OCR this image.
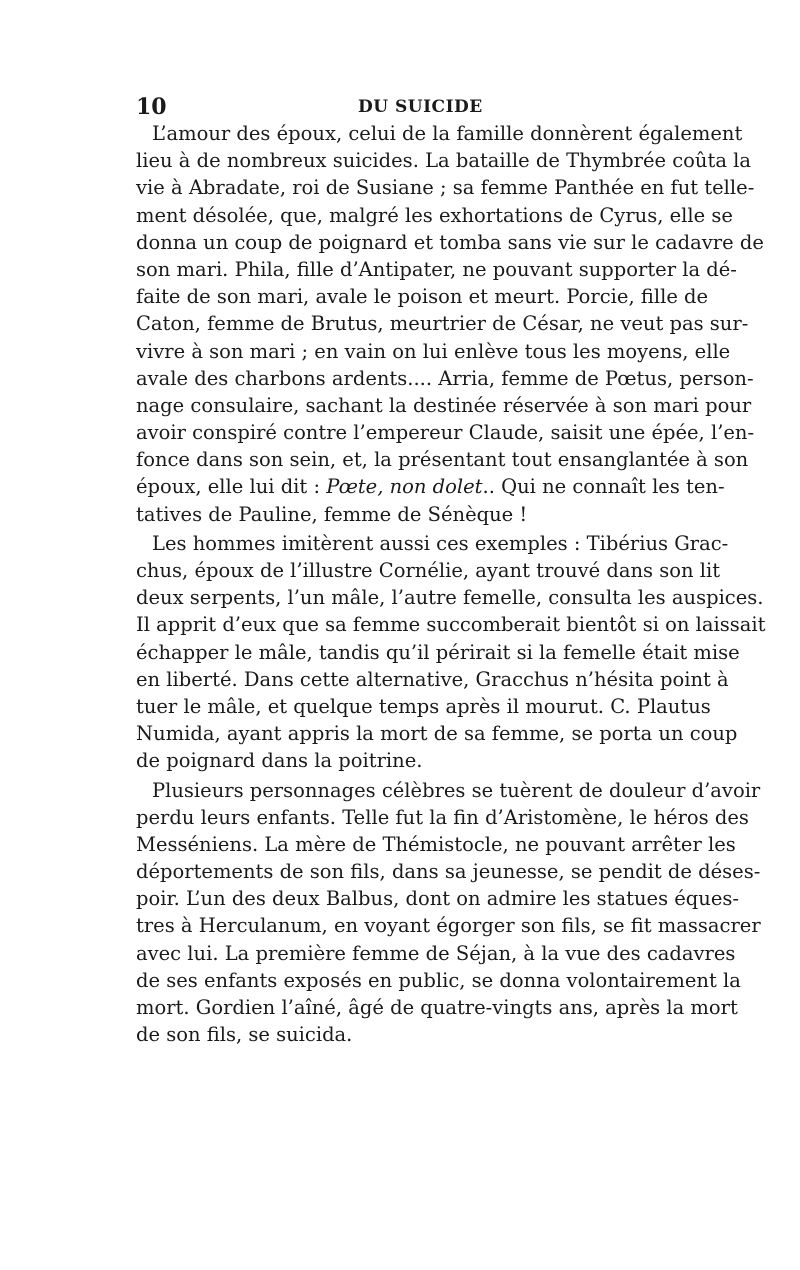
10	DU SUICIDE
L’amour des époux, celui de la famille donnèrent également
lieu à de nombreux suicides. La bataille de Thymbrée coûta la
vie à Abradate, roi de Susiane ; sa femme Panthée en fut telle-
ment désolée, que, malgré les exhortations de Cyrus, elle se
donna un coup de poignard et tomba sans vie sur le cadavre de
son mari. Phila, fille d’Antipater, ne pouvant supporter la dé-
faite de son mari, avale le poison et meurt. Porcie, fille de
Caton, femme de Brutus, meurtrier de César, ne veut pas sur-
vivre à son mari ; en vain on lui enlève tous les moyens, elle
avale des charbons ardents.... Arria, femme de Pœtus, person-
nage consulaire, sachant la destinée réservée à son mari pour
avoir conspiré contre l’empereur Claude, saisit une épée, l’en-
fonce dans son sein, et, la présentant tout ensanglantée à son
époux, elle lui dit : Pœte, non dolet.. Qui ne connaît les ten-
tatives de Pauline, femme de Sénèque !
Les hommes imitèrent aussi ces exemples : Tibérius Grac-
chus, époux de l’illustre Cornélie, ayant trouvé dans son lit
deux serpents, l’un mâle, l’autre femelle, consulta les auspices.
Il apprit d’eux que sa femme succomberait bientôt si on laissait
échapper le mâle, tandis qu’il périrait si la femelle était mise
en liberté. Dans cette alternative, Gracchus n’hésita point à
tuer le mâle, et quelque temps après il mourut. C. Plautus
Numida, ayant appris la mort de sa femme, se porta un coup
de poignard dans la poitrine.
Plusieurs personnages célèbres se tuèrent de douleur d’avoir
perdu leurs enfants. Telle fut la fin d’Aristomène, le héros des
Messéniens. La mère de Thémistocle, ne pouvant arrêter les
déportements de son fils, dans sa jeunesse, se pendit de déses-
poir. L’un des deux Balbus, dont on admire les statues éques-
tres à Herculanum, en voyant égorger son fils, se fit massacrer
avec lui. La première femme de Séjan, à la vue des cadavres
de ses enfants exposés en public, se donna volontairement la
mort. Gordien l’aîné, âgé de quatre-vingts ans, après la mort
de son fils, se suicida.
